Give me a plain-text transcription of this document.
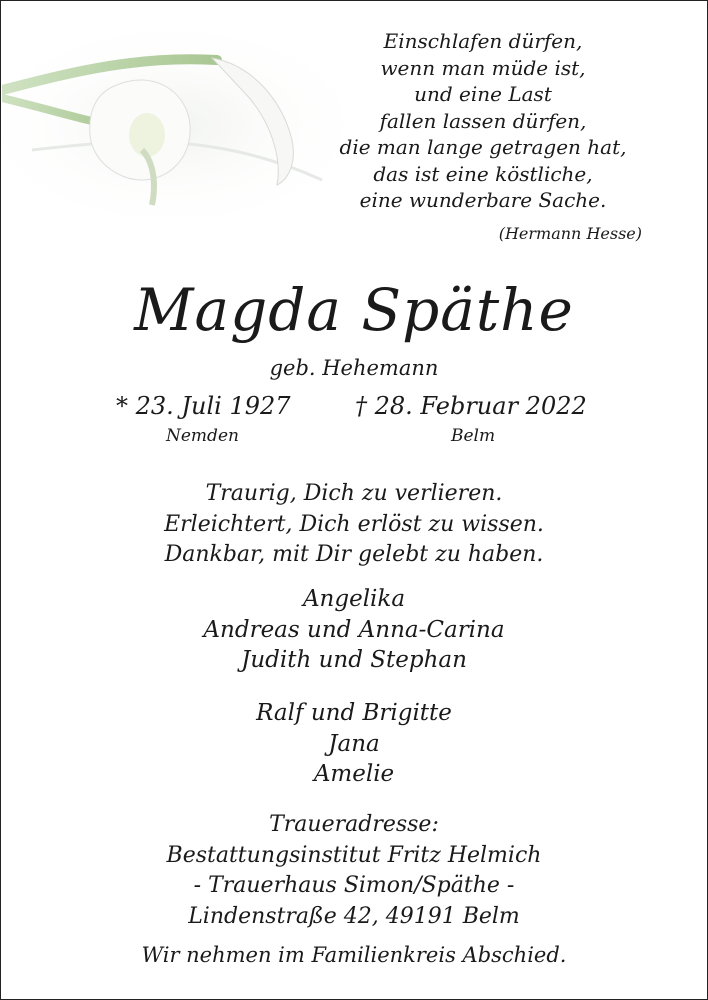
Einschlafen dürfen,
wenn man müde ist,
und eine Last
fallen lassen dürfen,
die man lange getragen hat,
das ist eine köstliche,
eine wunderbare Sache.
(Hermann Hesse)
Magda Späthe
geb. Hehemann
* 23. Juli 1927	† 28. Februar 2022
Nemden	Belm
Traurig, Dich zu verlieren.
Erleichtert, Dich erlöst zu wissen.
Dankbar, mit Dir gelebt zu haben.
Angelika
Andreas und Anna-Carina
Judith und Stephan
Ralf und Brigitte
Jana
Amelie
Traueradresse:
Bestattungsinstitut Fritz Helmich
- Trauerhaus Simon/Späthe -
Lindenstraße 42, 49191 Belm
Wir nehmen im Familienkreis Abschied.
